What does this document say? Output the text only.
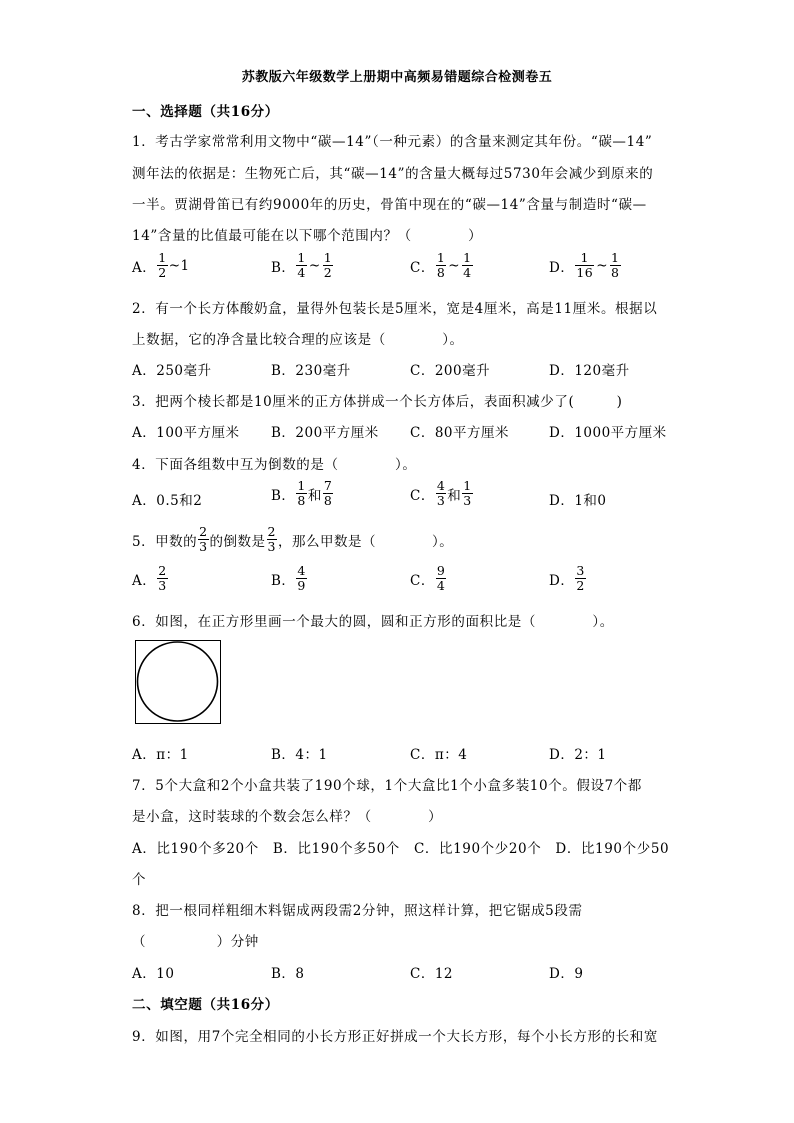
苏教版六年级数学上册期中高频易错题综合检测卷五
一、选择题（共16分）
1．考古学家常常利用文物中“碳—14”（一种元素）的含量来测定其年份。“碳—14”
测年法的依据是：生物死亡后，其“碳—14”的含量大概每过5730年会减少到原来的
一半。贾湖骨笛已有约9000年的历史，骨笛中现在的“碳—14”含量与制造时“碳—
14”含量的比值最可能在以下哪个范围内？（　　　　）
A． $\frac{1}{2}$ ~1	B． $\frac{1}{4}$ ~ $\frac{1}{2}$	C． $\frac{1}{8}$ ~ $\frac{1}{4}$	D． $\frac{1}{16}$ ~ $\frac{1}{8}$
2．有一个长方体酸奶盒，量得外包装长是5厘米，宽是4厘米，高是11厘米。根据以
上数据，它的净含量比较合理的应该是（　　　　）。
A．250毫升	B．230毫升	C．200毫升	D．120毫升
3．把两个棱长都是10厘米的正方体拼成一个长方体后，表面积减少了(　　　)
A．100平方厘米 B．200平方厘米 C．80平方厘米	D．1000平方厘米
4．下面各组数中互为倒数的是（　　　　）。
A．0.5和2	B． $\frac{1}{8}$ 和 $\frac{7}{8}$	C． $\frac{4}{3}$ 和 $\frac{1}{3}$	D．1和0
5．甲数的 $\frac{2}{3}$ 的倒数是 $\frac{2}{3}$ ，那么甲数是（　　　　）。
A． $\frac{2}{3}$	B． $\frac{4}{9}$	C． $\frac{9}{4}$	D． $\frac{3}{2}$
6．如图，在正方形里画一个最大的圆，圆和正方形的面积比是（　　　　）。
A．π：1	B．4：1	C．π：4	D．2：1
7．5个大盒和2个小盒共装了190个球，1个大盒比1个小盒多装10个。假设7个都
是小盒，这时装球的个数会怎么样？（　　　　）
A．比190个多20个　B．比190个多50个　C．比190个少20个　D．比190个少50
个
8．把一根同样粗细木料锯成两段需2分钟，照这样计算，把它锯成5段需
（　　　　　）分钟
A．10	B．8	C．12	D．9
二、填空题（共16分）
9．如图，用7个完全相同的小长方形正好拼成一个大长方形，每个小长方形的长和宽
